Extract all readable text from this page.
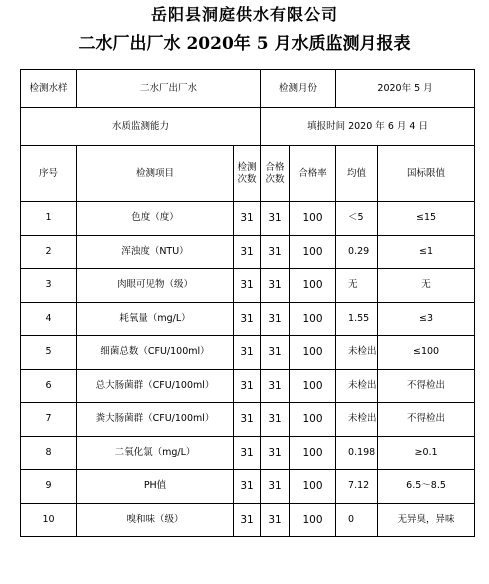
岳阳县洞庭供水有限公司
二水厂出厂水 2020年 5 月水质监测月报表
检测水样	二水厂出厂水		检测月份		2020年 5 月	
水质监测能力			填报时间 2020 年 6 月 4 日			
序号	检测项目	检测次数	合格次数	合格率	均值	国标限值
1	色度（度）	31	31	100	＜5	≤15
2	浑浊度（NTU）	31	31	100	0.29	≤1
3	肉眼可见物（级）	31	31	100	无	无
4	耗氧量（mg/L）	31	31	100	1.55	≤3
5	细菌总数（CFU/100ml）	31	31	100	未检出	≤100
6	总大肠菌群（CFU/100ml）	31	31	100	未检出	不得检出
7	粪大肠菌群（CFU/100ml）	31	31	100	未检出	不得检出
8	二氧化氯（mg/L）	31	31	100	0.198	≥0.1
9	PH值	31	31	100	7.12	6.5～8.5
10	嗅和味（级）	31	31	100	0	无异臭，异味
